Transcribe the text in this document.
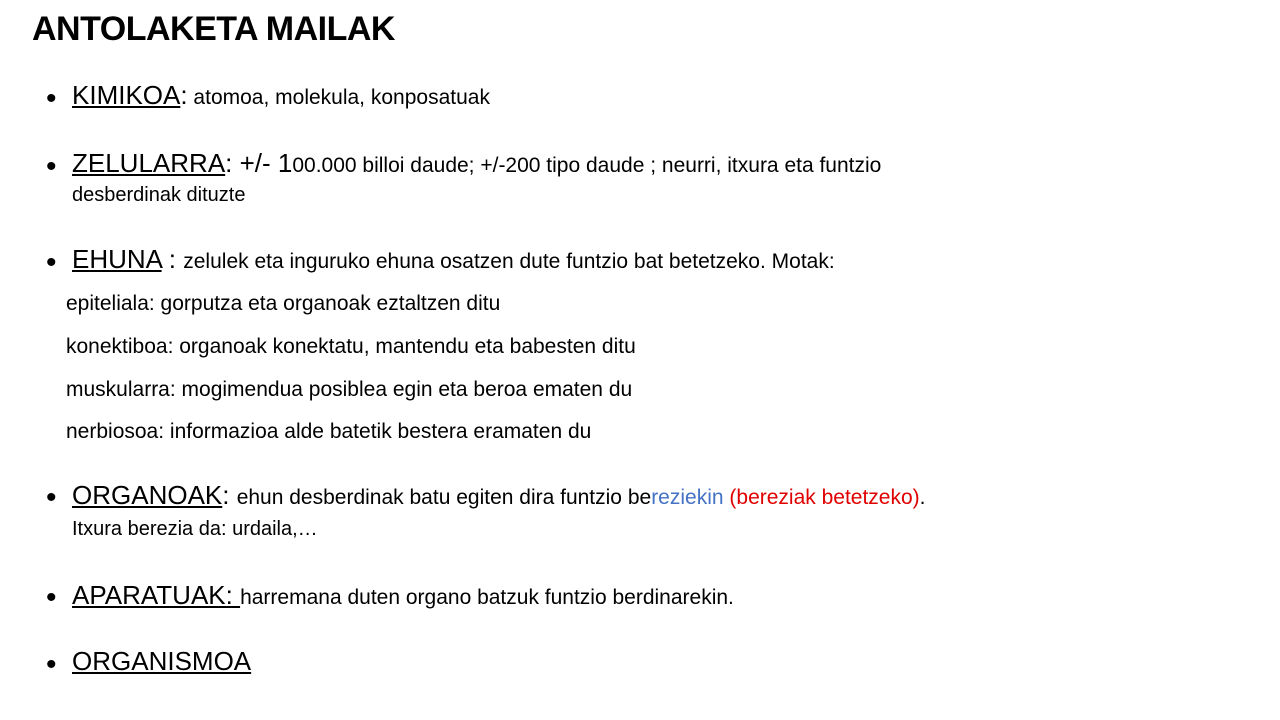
ANTOLAKETA MAILAK
• KIMIKOA: atomoa, molekula, konposatuak
• ZELULARRA: +/- 100.000 billoi daude; +/-200 tipo daude ; neurri, itxura eta funtzio
desberdinak dituzte
• EHUNA : zelulek eta inguruko ehuna osatzen dute funtzio bat betetzeko. Motak:
epiteliala: gorputza eta organoak eztaltzen ditu
konektiboa: organoak konektatu, mantendu eta babesten ditu
muskularra: mogimendua posiblea egin eta beroa ematen du
nerbiosoa: informazioa alde batetik bestera eramaten du
• ORGANOAK: ehun desberdinak batu egiten dira funtzio bereziekin (bereziak betetzeko).
Itxura berezia da: urdaila,…
• APARATUAK: harremana duten organo batzuk funtzio berdinarekin.
• ORGANISMOA
